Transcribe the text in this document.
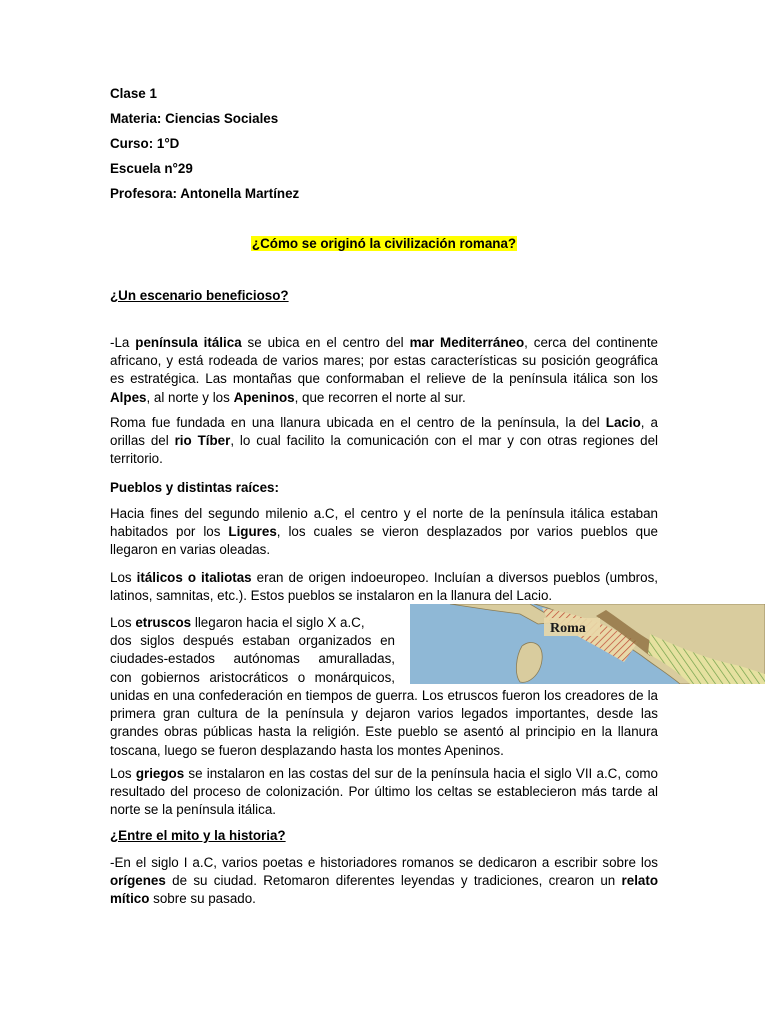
Clase 1
Materia: Ciencias Sociales
Curso: 1°D
Escuela n°29
Profesora: Antonella Martínez
¿Cómo se originó la civilización romana?
¿Un escenario beneficioso?
-La península itálica se ubica en el centro del mar Mediterráneo, cerca del continente africano, y está rodeada de varios mares; por estas características su posición geográfica es estratégica. Las montañas que conformaban el relieve de la península itálica son los Alpes, al norte y los Apeninos, que recorren el norte al sur.
Roma fue fundada en una llanura ubicada en el centro de la península, la del Lacio, a orillas del rio Tíber, lo cual facilito la comunicación con el mar y con otras regiones del territorio.
Pueblos y distintas raíces:
Hacia fines del segundo milenio a.C, el centro y el norte de la península itálica estaban habitados por los Ligures, los cuales se vieron desplazados por varios pueblos que llegaron en varias oleadas.
Los itálicos o italiotas eran de origen indoeuropeo. Incluían a diversos pueblos (umbros, latinos, samnitas, etc.). Estos pueblos se instalaron en la llanura del Lacio.
Los etruscos llegaron hacia el siglo X a.C,
dos siglos después estaban organizados en
ciudades-estados autónomas amuralladas,
con gobiernos aristocráticos o monárquicos,
unidas en una confederación en tiempos de guerra. Los etruscos fueron los creadores de la primera gran cultura de la península y dejaron varios legados importantes, desde las grandes obras públicas hasta la religión. Este pueblo se asentó al principio en la llanura toscana, luego se fueron desplazando hasta los montes Apeninos.
Roma
Los griegos se instalaron en las costas del sur de la península hacia el siglo VII a.C, como resultado del proceso de colonización. Por último los celtas se establecieron más tarde al norte se la península itálica.
¿Entre el mito y la historia?
-En el siglo I a.C, varios poetas e historiadores romanos se dedicaron a escribir sobre los orígenes de su ciudad. Retomaron diferentes leyendas y tradiciones, crearon un relato mítico sobre su pasado.
